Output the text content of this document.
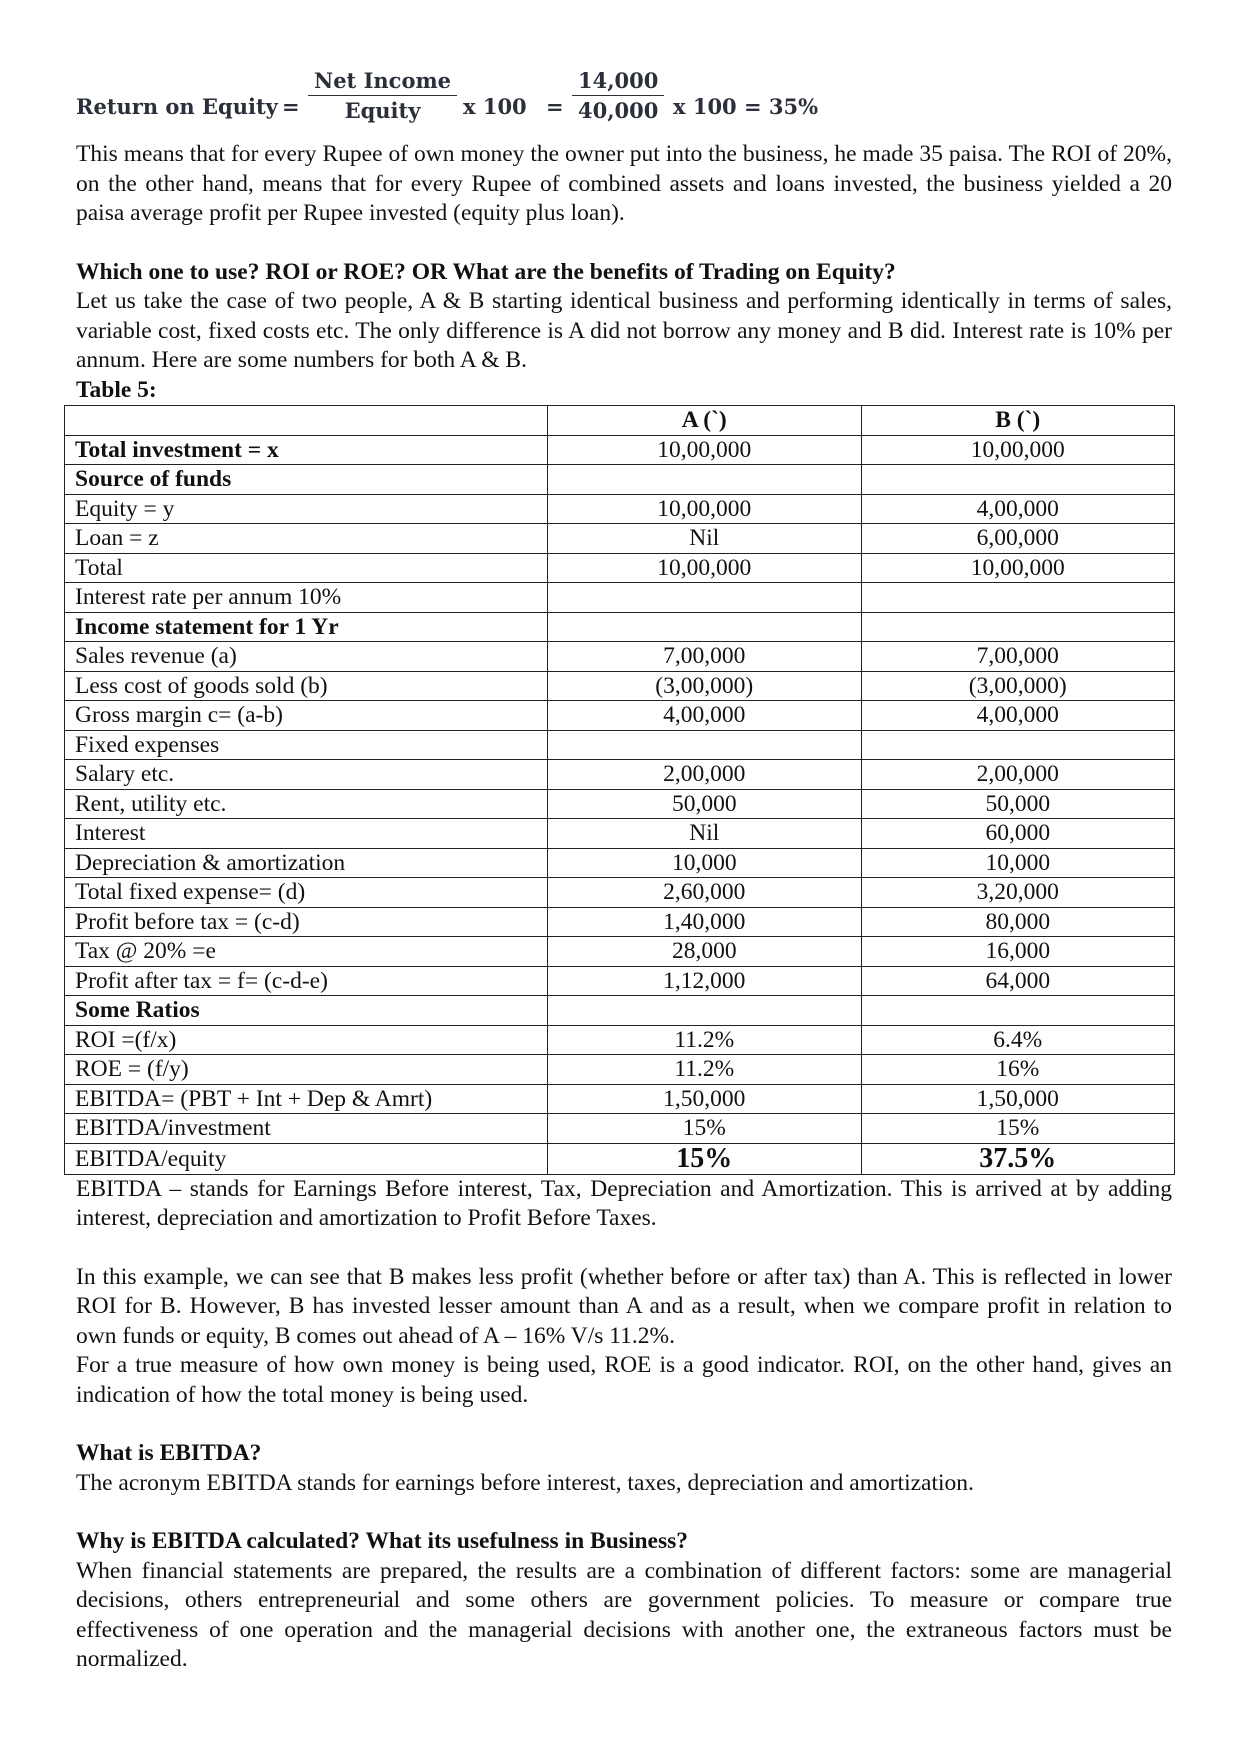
Return on Equity =
Net Income
Equity	x $100 = \frac{14,000}{40,000}$ x 100 = 35%

This means that for every Rupee of own money the owner put into the business, he made 35 paisa. The ROI of 20%, on the other hand, means that for every Rupee of combined assets and loans invested, the business yielded a 20 paisa average profit per Rupee invested (equity plus loan).

Which one to use? ROI or ROE? OR What are the benefits of Trading on Equity?

Let us take the case of two people, A & B starting identical business and performing identically in terms of sales, variable cost, fixed costs etc. The only difference is A did not borrow any money and B did. Interest rate is 10% per annum. Here are some numbers for both A & B.

Table 5:
	A (`)	B (`)
Total investment = x	10,00,000	10,00,000
Source of funds		
Equity = y	10,00,000	4,00,000
Loan = z	Nil	6,00,000
Total	10,00,000	10,00,000
Interest rate per annum 10%		
Income statement for 1 Yr		
Sales revenue (a)	7,00,000	7,00,000
Less cost of goods sold (b)	(3,00,000)	(3,00,000)
Gross margin c= (a-b)	4,00,000	4,00,000
Fixed expenses		
Salary etc.	2,00,000	2,00,000
Rent, utility etc.	50,000	50,000
Interest	Nil	60,000
Depreciation & amortization	10,000	10,000
Total fixed expense= (d)	2,60,000	3,20,000
Profit before tax = (c-d)	1,40,000	80,000
Tax @ 20% =e	28,000	16,000
Profit after tax = f= (c-d-e)	1,12,000	64,000
Some Ratios		
ROI =(f/x)	11.2%	6.4%
ROE = (f/y)	11.2%	16%
EBITDA= (PBT + Int + Dep & Amrt)	1,50,000	1,50,000
EBITDA/investment	15%	15%
EBITDA/equity	15%	37.5%

EBITDA – stands for Earnings Before interest, Tax, Depreciation and Amortization. This is arrived at by adding interest, depreciation and amortization to Profit Before Taxes.

In this example, we can see that B makes less profit (whether before or after tax) than A. This is reflected in lower ROI for B. However, B has invested lesser amount than A and as a result, when we compare profit in relation to own funds or equity, B comes out ahead of A – 16% V/s 11.2%.

For a true measure of how own money is being used, ROE is a good indicator. ROI, on the other hand, gives an indication of how the total money is being used.

What is EBITDA?

The acronym EBITDA stands for earnings before interest, taxes, depreciation and amortization.

Why is EBITDA calculated? What its usefulness in Business?

When financial statements are prepared, the results are a combination of different factors: some are managerial decisions, others entrepreneurial and some others are government policies. To measure or compare true effectiveness of one operation and the managerial decisions with another one, the extraneous factors must be normalized.
